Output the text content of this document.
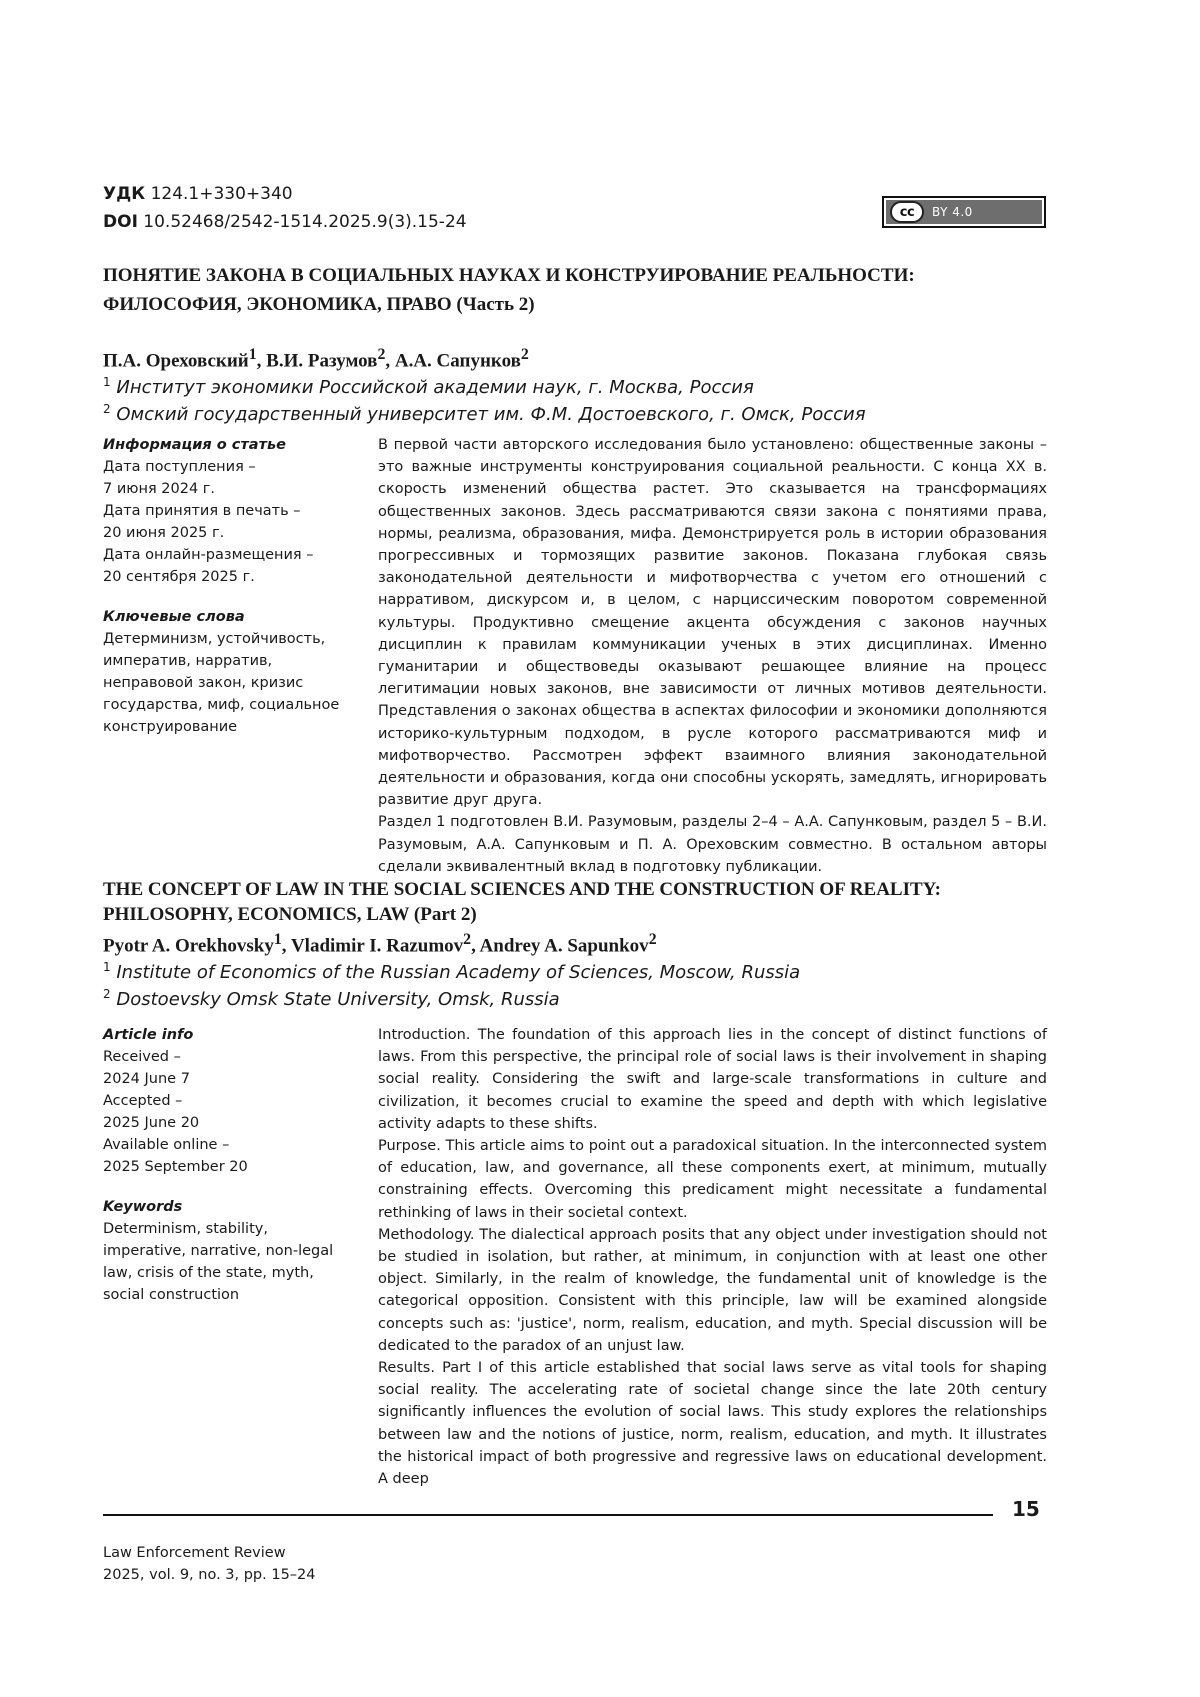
УДК 124.1+330+340
DOI 10.52468/2542-1514.2025.9(3).15-24	cc	BY 4.0
ПОНЯТИЕ ЗАКОНА В СОЦИАЛЬНЫХ НАУКАХ И КОНСТРУИРОВАНИЕ РЕАЛЬНОСТИ:
ФИЛОСОФИЯ, ЭКОНОМИКА, ПРАВО (Часть 2)
П.А. Ореховский1, В.И. Разумов2, А.А. Сапунков2
1 Институт экономики Российской академии наук, г. Москва, Россия
2 Омский государственный университет им. Ф.М. Достоевского, г. Омск, Россия
Информация о статье
Дата поступления –
7 июня 2024 г.
Дата принятия в печать –
20 июня 2025 г.
Дата онлайн-размещения –
20 сентября 2025 г.
Ключевые слова
Детерминизм, устойчивость, императив, нарратив, неправовой закон, кризис государства, миф, социальное конструирование

В первой части авторского исследования было установлено: общественные законы – это важные инструменты конструирования социальной реальности. С конца XX в. скорость изменений общества растет. Это сказывается на трансформациях общественных законов. Здесь рассматриваются связи закона с понятиями права, нормы, реализма, образования, мифа. Демонстрируется роль в истории образования прогрессивных и тормозящих развитие законов. Показана глубокая связь законодательной деятельности и мифотворчества с учетом его отношений с нарративом, дискурсом и, в целом, с нарциссическим поворотом современной культуры. Продуктивно смещение акцента обсуждения с законов научных дисциплин к правилам коммуникации ученых в этих дисциплинах. Именно гуманитарии и обществоведы оказывают решающее влияние на процесс легитимации новых законов, вне зависимости от личных мотивов деятельности. Представления о законах общества в аспектах философии и экономики дополняются историко-культурным подходом, в русле которого рассматриваются миф и мифотворчество. Рассмотрен эффект взаимного влияния законодательной деятельности и образования, когда они способны ускорять, замедлять, игнорировать развитие друг друга.

Раздел 1 подготовлен В.И. Разумовым, разделы 2–4 – А.А. Сапунковым, раздел 5 – В.И. Разумовым, А.А. Сапунковым и П. А. Ореховским совместно. В остальном авторы сделали эквивалентный вклад в подготовку публикации.

THE CONCEPT OF LAW IN THE SOCIAL SCIENCES AND THE CONSTRUCTION OF REALITY:
PHILOSOPHY, ECONOMICS, LAW (Part 2)
Pyotr A. Orekhovsky1, Vladimir I. Razumov2, Andrey A. Sapunkov2
1 Institute of Economics of the Russian Academy of Sciences, Moscow, Russia
2 Dostoevsky Omsk State University, Omsk, Russia
Article info
Received –
2024 June 7
Accepted –
2025 June 20
Available online –
2025 September 20
Keywords
Determinism, stability, imperative, narrative, non-legal law, crisis of the state, myth, social construction

Introduction. The foundation of this approach lies in the concept of distinct functions of laws. From this perspective, the principal role of social laws is their involvement in shaping social reality. Considering the swift and large-scale transformations in culture and civilization, it becomes crucial to examine the speed and depth with which legislative activity adapts to these shifts.

Purpose. This article aims to point out a paradoxical situation. In the interconnected system of education, law, and governance, all these components exert, at minimum, mutually constraining effects. Overcoming this predicament might necessitate a fundamental rethinking of laws in their societal context.

Methodology. The dialectical approach posits that any object under investigation should not be studied in isolation, but rather, at minimum, in conjunction with at least one other object. Similarly, in the realm of knowledge, the fundamental unit of knowledge is the categorical opposition. Consistent with this principle, law will be examined alongside concepts such as: 'justice', norm, realism, education, and myth. Special discussion will be dedicated to the paradox of an unjust law.

Results. Part I of this article established that social laws serve as vital tools for shaping social reality. The accelerating rate of societal change since the late 20th century significantly influences the evolution of social laws. This study explores the relationships between law and the notions of justice, norm, realism, education, and myth. It illustrates the historical impact of both progressive and regressive laws on educational development. A deep

15
Law Enforcement Review
2025, vol. 9, no. 3, pp. 15–24
